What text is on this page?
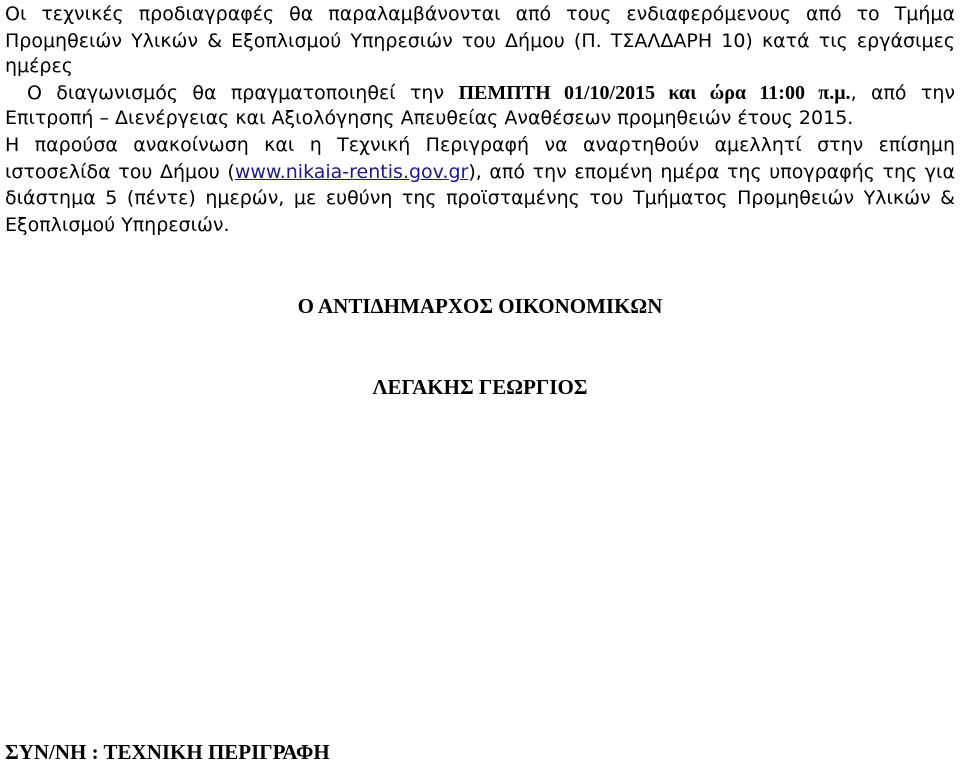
Οι τεχνικές προδιαγραφές θα παραλαμβάνονται από τους ενδιαφερόμενους από το Τμήμα
Προμηθειών Υλικών & Εξοπλισμού Υπηρεσιών του Δήμου (Π. ΤΣΑΛΔΑΡΗ 10) κατά τις εργάσιμες
ημέρες
Ο διαγωνισμός θα πραγματοποιηθεί την ΠΕΜΠΤΗ 01/10/2015 και ώρα 11:00 π.μ., από την
Επιτροπή – Διενέργειας και Αξιολόγησης Απευθείας Αναθέσεων προμηθειών έτους 2015.
Η παρούσα ανακοίνωση και η Τεχνική Περιγραφή να αναρτηθούν αμελλητί στην επίσημη
ιστοσελίδα του Δήμου (www.nikaia-rentis.gov.gr), από την επομένη ημέρα της υπογραφής της για
διάστημα 5 (πέντε) ημερών, με ευθύνη της προϊσταμένης του Τμήματος Προμηθειών Υλικών &
Εξοπλισμού Υπηρεσιών.
Ο ΑΝΤΙΔΗΜΑΡΧΟΣ ΟΙΚΟΝΟΜΙΚΩΝ
ΛΕΓΑΚΗΣ ΓΕΩΡΓΙΟΣ
ΣΥΝ/ΝΗ : ΤΕΧΝΙΚΗ ΠΕΡΙΓΡΑΦΗ
